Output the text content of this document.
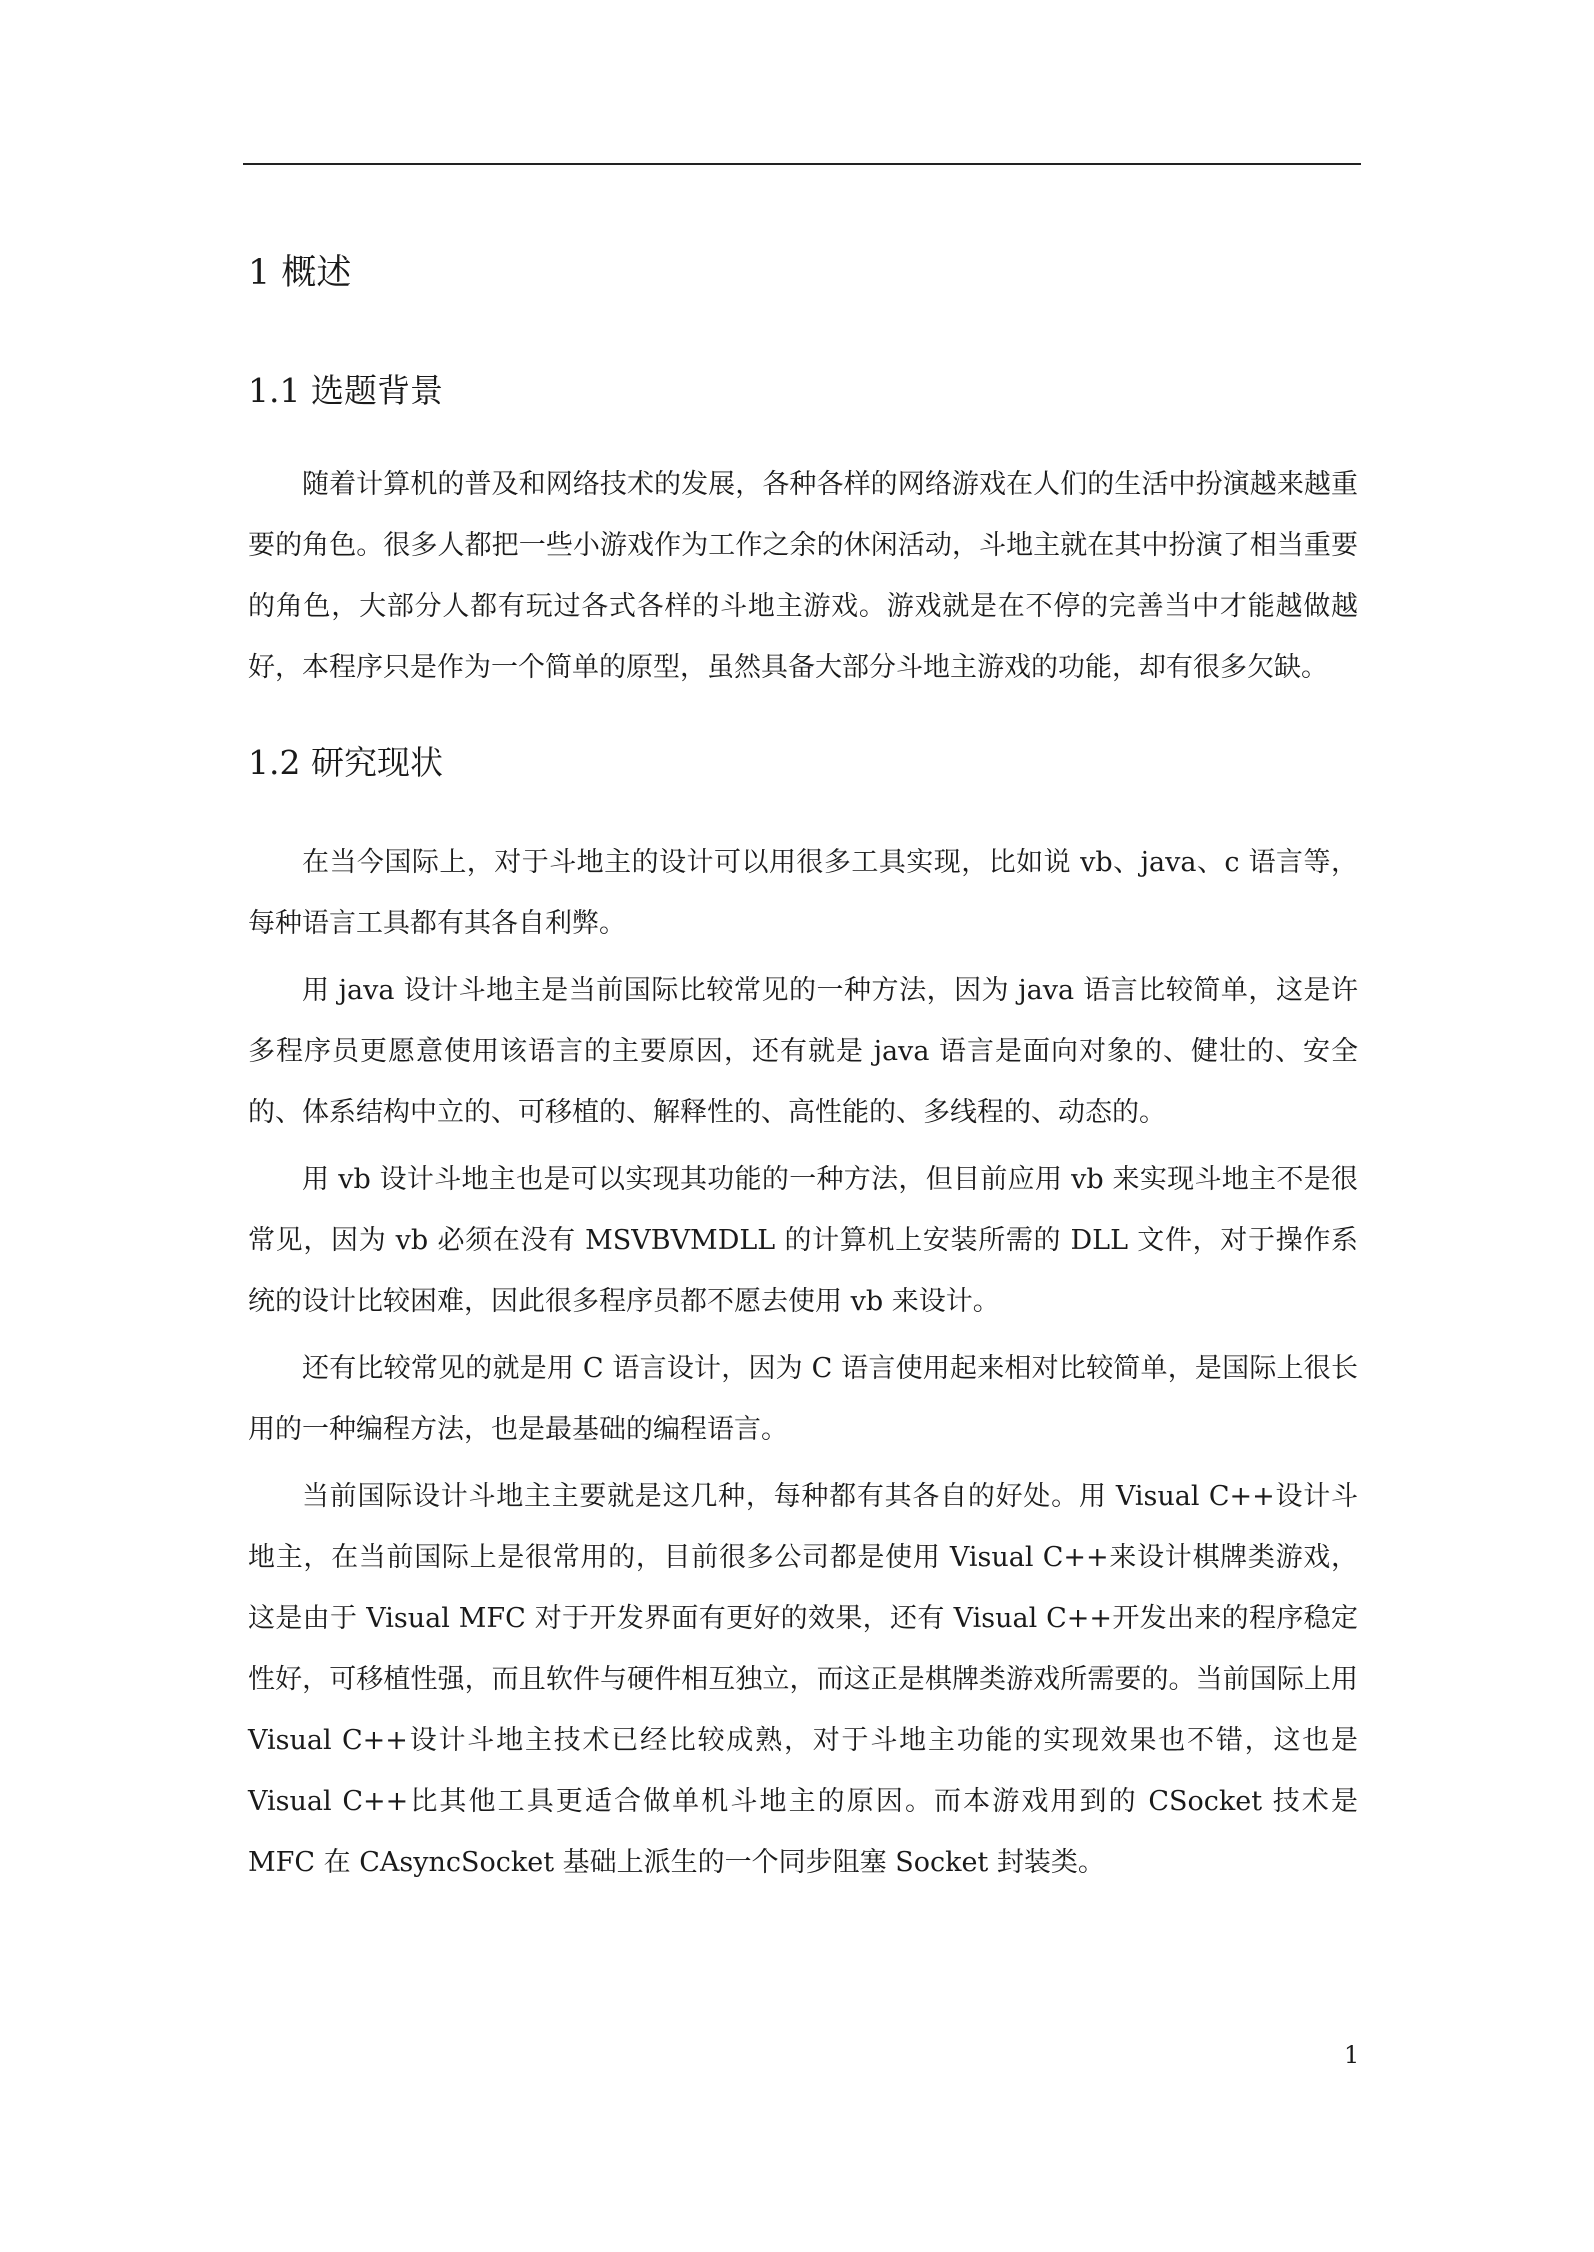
1 概述
1.1 选题背景

随着计算机的普及和网络技术的发展，各种各样的网络游戏在人们的生活中扮演越来越重要的角色。很多人都把一些小游戏作为工作之余的休闲活动，斗地主就在其中扮演了相当重要的角色，大部分人都有玩过各式各样的斗地主游戏。游戏就是在不停的完善当中才能越做越好，本程序只是作为一个简单的原型，虽然具备大部分斗地主游戏的功能，却有很多欠缺。

1.2 研究现状

在当今国际上，对于斗地主的设计可以用很多工具实现，比如说 vb、java、c 语言等，每种语言工具都有其各自利弊。

用 java 设计斗地主是当前国际比较常见的一种方法，因为 java 语言比较简单，这是许多程序员更愿意使用该语言的主要原因，还有就是 java 语言是面向对象的、健壮的、安全的、体系结构中立的、可移植的、解释性的、高性能的、多线程的、动态的。

用 vb 设计斗地主也是可以实现其功能的一种方法，但目前应用 vb 来实现斗地主不是很常见，因为 vb 必须在没有 MSVBVMDLL 的计算机上安装所需的 DLL 文件，对于操作系统的设计比较困难，因此很多程序员都不愿去使用 vb 来设计。

还有比较常见的就是用 C 语言设计，因为 C 语言使用起来相对比较简单，是国际上很长用的一种编程方法，也是最基础的编程语言。

当前国际设计斗地主主要就是这几种，每种都有其各自的好处。用 Visual C++设计斗地主，在当前国际上是很常用的，目前很多公司都是使用 Visual C++来设计棋牌类游戏，这是由于 Visual MFC 对于开发界面有更好的效果，还有 Visual C++开发出来的程序稳定性好，可移植性强，而且软件与硬件相互独立，而这正是棋牌类游戏所需要的。当前国际上用 Visual C++设计斗地主技术已经比较成熟，对于斗地主功能的实现效果也不错，这也是 Visual C++比其他工具更适合做单机斗地主的原因。而本游戏用到的 CSocket 技术是 MFC 在 CAsyncSocket 基础上派生的一个同步阻塞 Socket 封装类。

1
